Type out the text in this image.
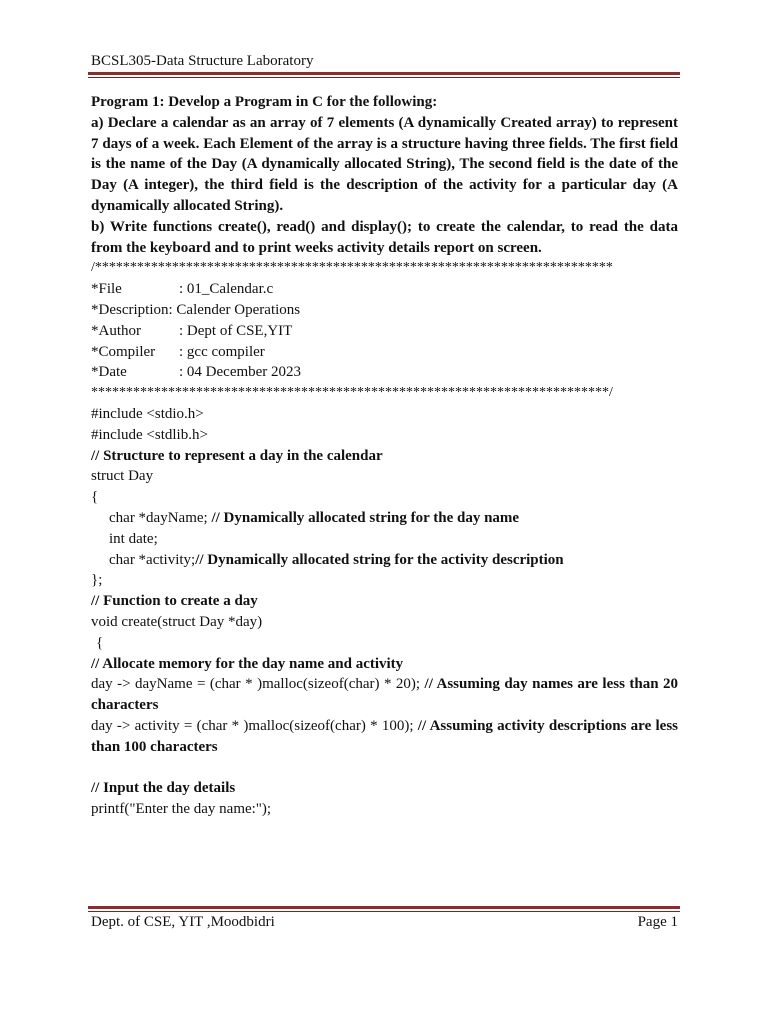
BCSL305-Data Structure Laboratory

Program 1: Develop a Program in C for the following:

a) Declare a calendar as an array of 7 elements (A dynamically Created array) to represent 7 days of a week. Each Element of the array is a structure having three fields. The first field is the name of the Day (A dynamically allocated String), The second field is the date of the Day (A integer), the third field is the description of the activity for a particular day (A dynamically allocated String).

b) Write functions create(), read() and display(); to create the calendar, to read the data from the keyboard and to print weeks activity details report on screen.

/**************************************************************************

*File	: 01_Calendar.c
*Description:
Calender Operations
*Author	: Dept of CSE,YIT
*Compiler	: gcc compiler
*Date	: 04 December 2023

**************************************************************************/

#include <stdio.h>

#include <stdlib.h>

// Structure to represent a day in the calendar

struct Day

{

char *dayName; // Dynamically allocated string for the day name

int date;

char *activity;// Dynamically allocated string for the activity description

};

// Function to create a day

void create(struct Day *day)

{

// Allocate memory for the day name and activity

day -> dayName = (char * )malloc(sizeof(char) * 20); // Assuming day names are less than 20 characters

day -> activity = (char * )malloc(sizeof(char) * 100); // Assuming activity descriptions are less than 100 characters

// Input the day details

printf("Enter the day name:");

Dept. of CSE, YIT ,Moodbidri	Page 1
